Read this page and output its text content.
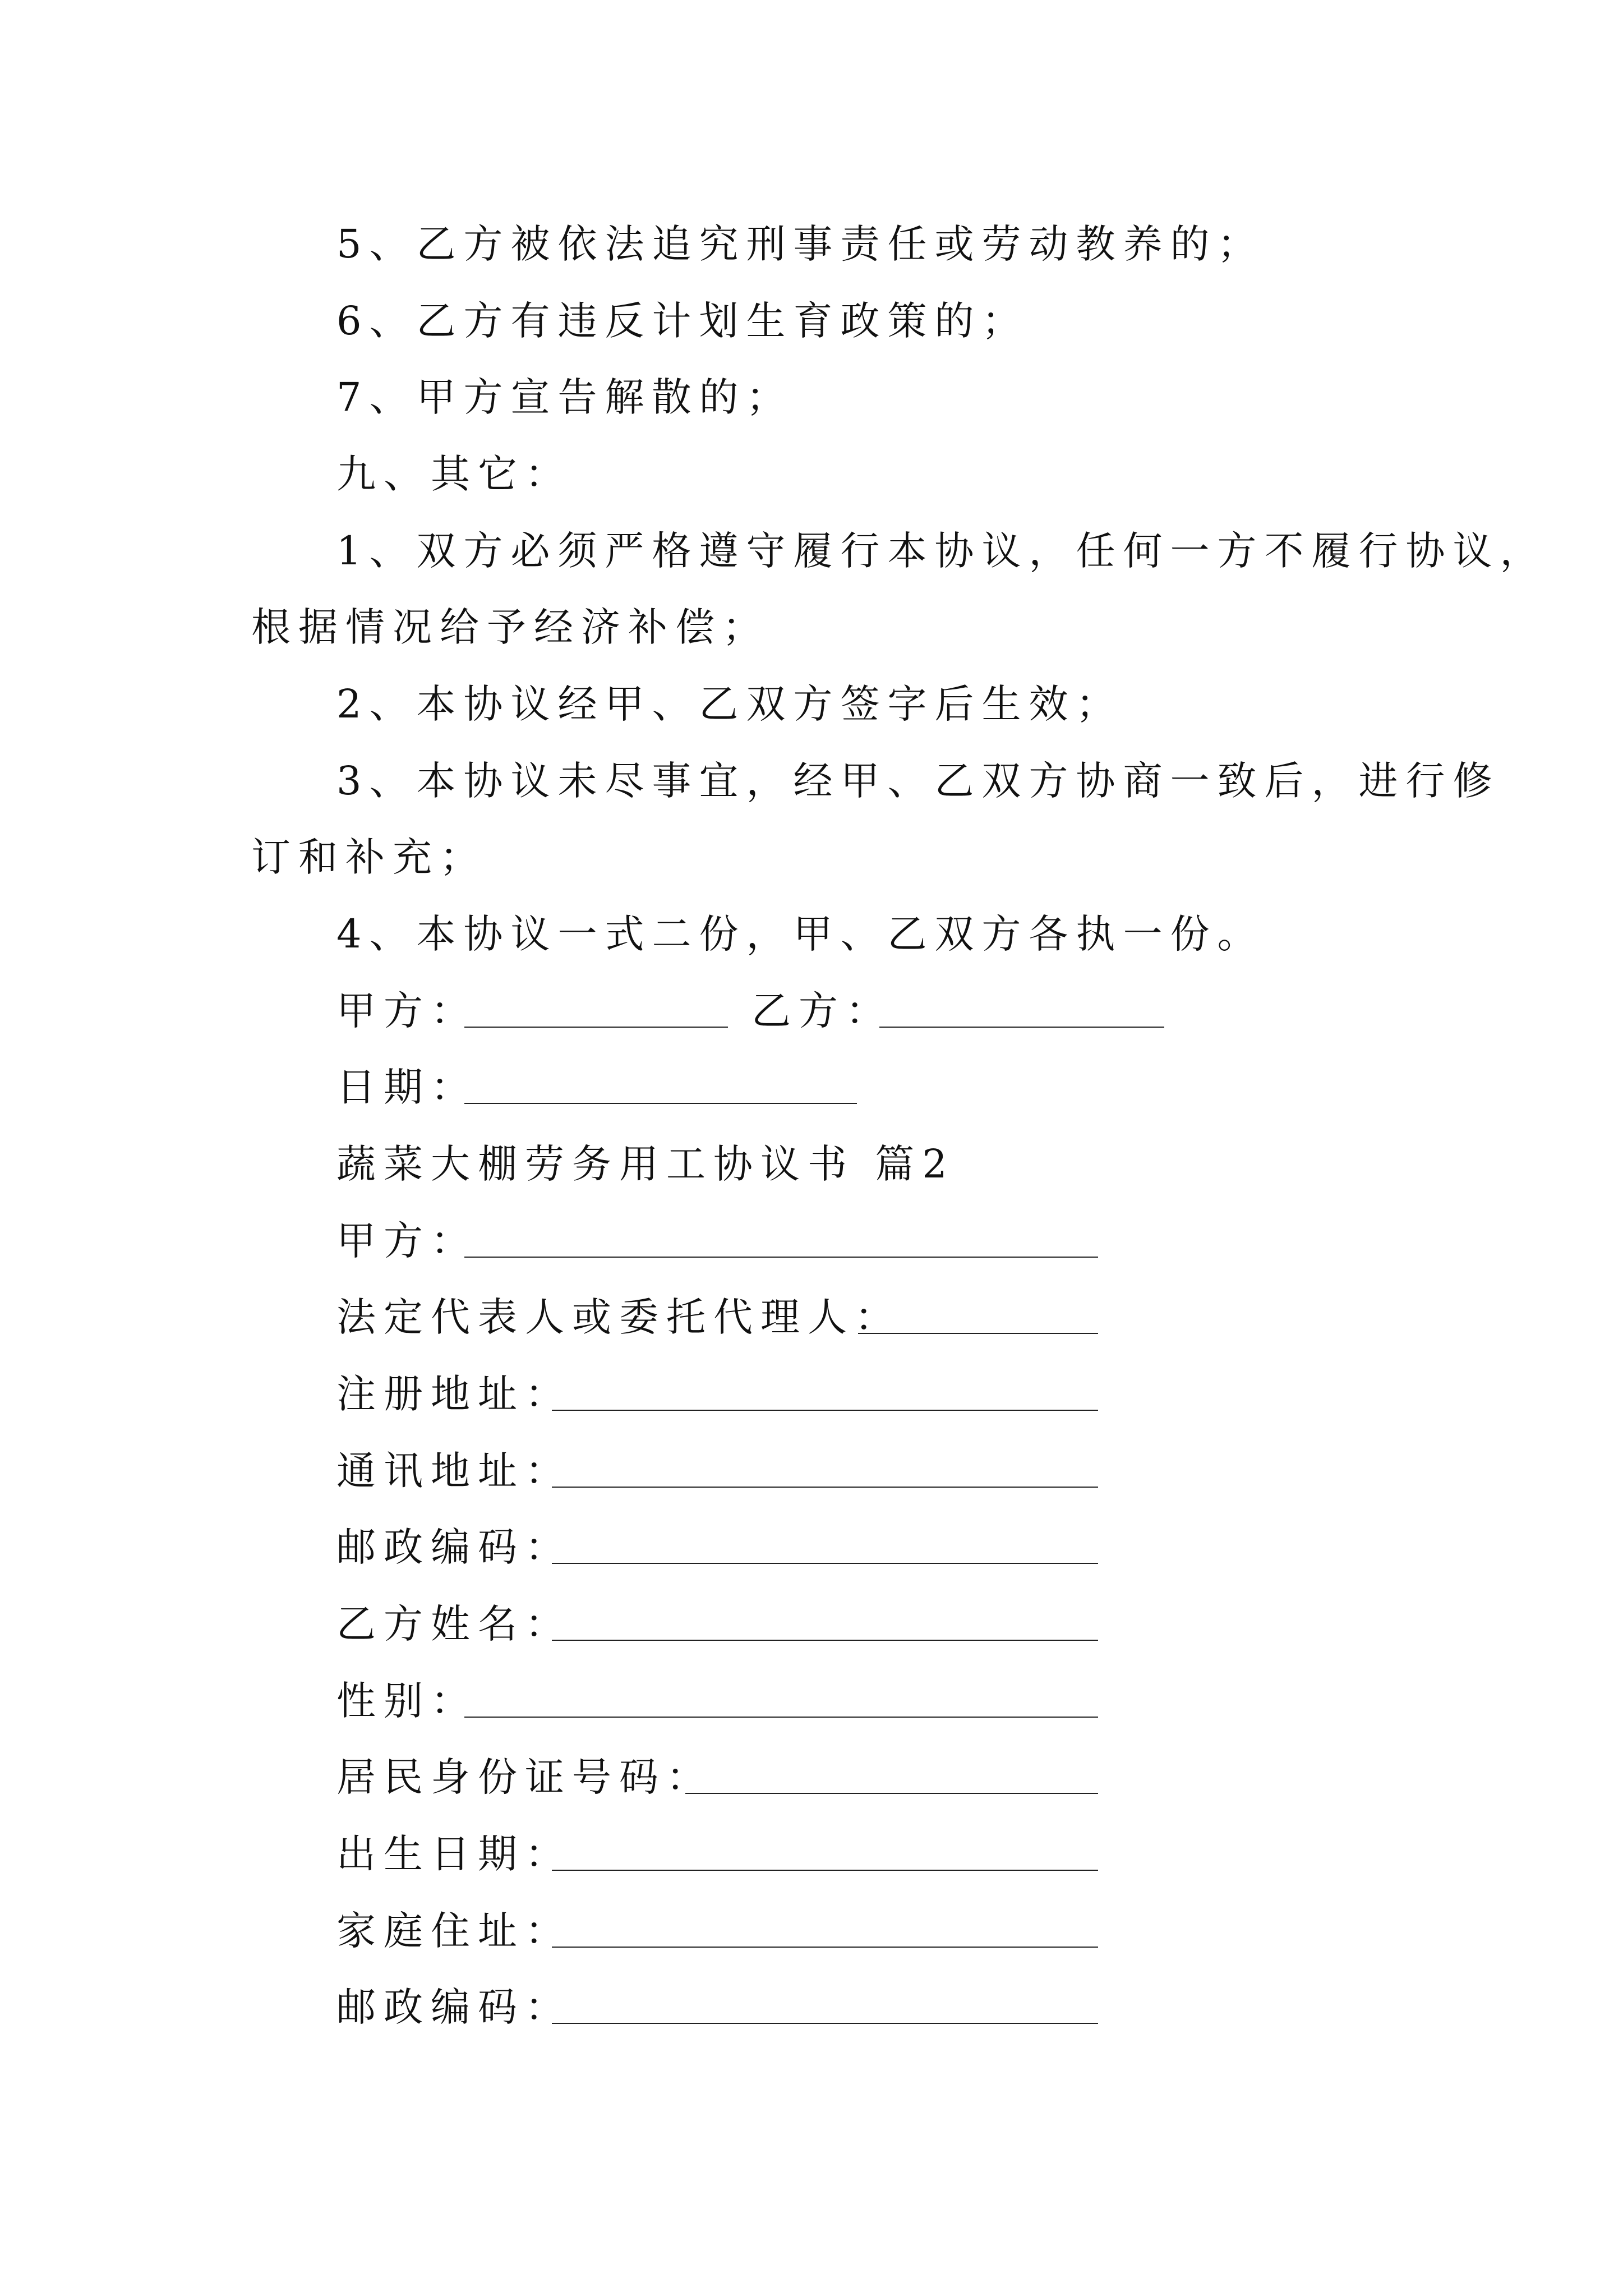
5、乙方被依法追究刑事责任或劳动教养的；
6、乙方有违反计划生育政策的；
7、甲方宣告解散的；
九、其它：
1、双方必须严格遵守履行本协议，任何一方不履行协议，
根据情况给予经济补偿；
2、本协议经甲、乙双方签字后生效；
3、本协议未尽事宜，经甲、乙双方协商一致后，进行修
订和补充；
4、本协议一式二份，甲、乙双方各执一份。
甲方：	乙方：
日期：
蔬菜大棚劳务用工协议书 篇2
甲方：
法定代表人或委托代理人：
注册地址：
通讯地址：
邮政编码：
乙方姓名：
性别：
居民身份证号码：
出生日期：
家庭住址：
邮政编码：
